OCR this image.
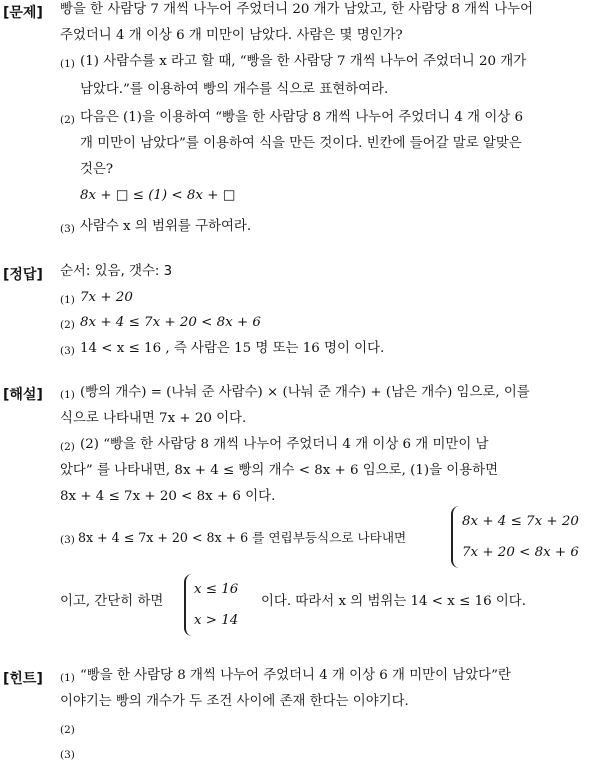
[문제] 빵을 한 사람당 7 개씩 나누어 주었더니 20 개가 남았고, 한 사람당 8 개씩 나누어
주었더니 4 개 이상 6 개 미만이 남았다. 사람은 몇 명인가?
(1) (1) 사람수를 x 라고 할 때, “빵을 한 사람당 7 개씩 나누어 주었더니 20 개가
남았다.”를 이용하여 빵의 개수를 식으로 표현하여라.
(2) 다음은 (1)을 이용하여 “빵을 한 사람당 8 개씩 나누어 주었더니 4 개 이상 6
개 미만이 남았다”를 이용하여 식을 만든 것이다. 빈칸에 들어갈 말로 알맞은
것은?
8x + □ ≤ (1) < 8x + □
(3) 사람수 x 의 범위를 구하여라.
[정답] 순서: 있음, 갯수: 3
(1) 7x + 20
(2) 8x + 4 ≤ 7x + 20 < 8x + 6
(3) 14 < x ≤ 16 , 즉 사람은 15 명 또는 16 명이 이다.
[해설] (1) (빵의 개수) = (나눠 준 사람수) × (나눠 준 개수) + (남은 개수) 임으로, 이를
식으로 나타내면 7x + 20 이다.
(2) (2) “빵을 한 사람당 8 개씩 나누어 주었더니 4 개 이상 6 개 미만이 남
았다” 를 나타내면, 8x + 4 ≤ 빵의 개수 < 8x + 6 임으로, (1)을 이용하면
8x + 4 ≤ 7x + 20 < 8x + 6 이다.
(3) 8x + 4 ≤ 7x + 20 < 8x + 6 를 연립부등식으로 나타내면
8x + 4 ≤ 7x + 20
7x + 20 < 8x + 6
이고, 간단히 하면
x ≤ 16
x > 14
이다. 따라서 x 의 범위는 14 < x ≤ 16 이다.
[힌트] (1) “빵을 한 사람당 8 개씩 나누어 주었더니 4 개 이상 6 개 미만이 남았다”란
이야기는 빵의 개수가 두 조건 사이에 존재 한다는 이야기다.
(2)
(3)
